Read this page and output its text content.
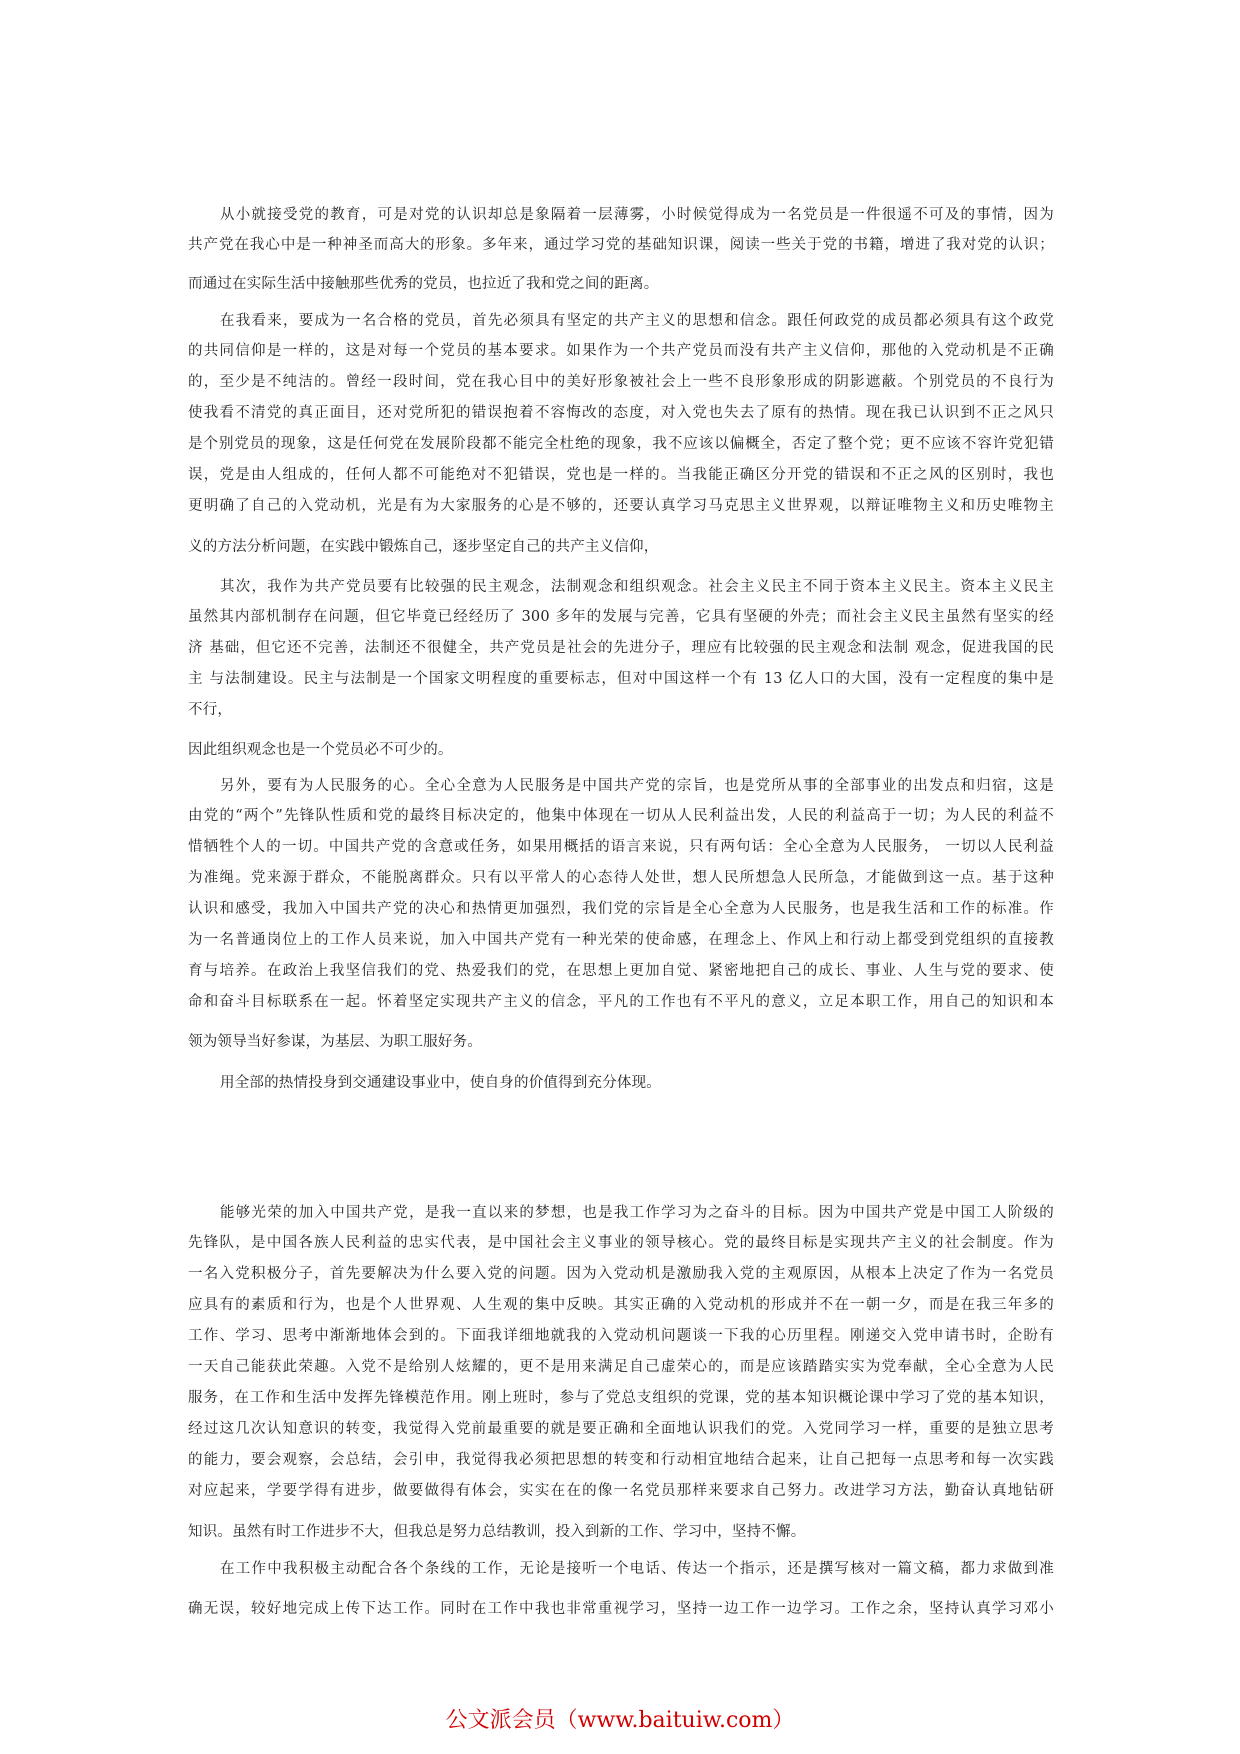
从小就接受党的教育，可是对党的认识却总是象隔着一层薄雾，小时候觉得成为一名党员是一件很遥不可及的事情，因为
共产党在我心中是一种神圣而高大的形象。多年来，通过学习党的基础知识课，阅读一些关于党的书籍，增进了我对党的认识；
而通过在实际生活中接触那些优秀的党员，也拉近了我和党之间的距离。
在我看来，要成为一名合格的党员，首先必须具有坚定的共产主义的思想和信念。跟任何政党的成员都必须具有这个政党
的共同信仰是一样的，这是对每一个党员的基本要求。如果作为一个共产党员而没有共产主义信仰，那他的入党动机是不正确
的，至少是不纯洁的。曾经一段时间，党在我心目中的美好形象被社会上一些不良形象形成的阴影遮蔽。个别党员的不良行为
使我看不清党的真正面目，还对党所犯的错误抱着不容悔改的态度，对入党也失去了原有的热情。现在我已认识到不正之风只
是个别党员的现象，这是任何党在发展阶段都不能完全杜绝的现象，我不应该以偏概全，否定了整个党；更不应该不容许党犯错
误，党是由人组成的，任何人都不可能绝对不犯错误，党也是一样的。当我能正确区分开党的错误和不正之风的区别时，我也
更明确了自己的入党动机，光是有为大家服务的心是不够的，还要认真学习马克思主义世界观，以辩证唯物主义和历史唯物主
义的方法分析问题，在实践中锻炼自己，逐步坚定自己的共产主义信仰，
其次，我作为共产党员要有比较强的民主观念，法制观念和组织观念。社会主义民主不同于资本主义民主。资本主义民主
虽然其内部机制存在问题，但它毕竟已经经历了 300 多年的发展与完善，它具有坚硬的外壳；而社会主义民主虽然有坚实的经
济 基础，但它还不完善，法制还不很健全，共产党员是社会的先进分子，理应有比较强的民主观念和法制 观念，促进我国的民
主 与法制建设。民主与法制是一个国家文明程度的重要标志，但对中国这样一个有 13 亿人口的大国，没有一定程度的集中是
不行，
因此组织观念也是一个党员必不可少的。
另外，要有为人民服务的心。全心全意为人民服务是中国共产党的宗旨，也是党所从事的全部事业的出发点和归宿，这是
由党的“两个”先锋队性质和党的最终目标决定的，他集中体现在一切从人民利益出发，人民的利益高于一切；为人民的利益不
惜牺牲个人的一切。中国共产党的含意或任务，如果用概括的语言来说，只有两句话：全心全意为人民服务， 一切以人民利益
为准绳。党来源于群众，不能脱离群众。只有以平常人的心态待人处世，想人民所想急人民所急，才能做到这一点。基于这种
认识和感受，我加入中国共产党的决心和热情更加强烈，我们党的宗旨是全心全意为人民服务，也是我生活和工作的标准。作
为一名普通岗位上的工作人员来说，加入中国共产党有一种光荣的使命感，在理念上、作风上和行动上都受到党组织的直接教
育与培养。在政治上我坚信我们的党、热爱我们的党，在思想上更加自觉、紧密地把自己的成长、事业、人生与党的要求、使
命和奋斗目标联系在一起。怀着坚定实现共产主义的信念，平凡的工作也有不平凡的意义，立足本职工作，用自己的知识和本
领为领导当好参谋，为基层、为职工服好务。
用全部的热情投身到交通建设事业中，使自身的价值得到充分体现。
能够光荣的加入中国共产党，是我一直以来的梦想，也是我工作学习为之奋斗的目标。因为中国共产党是中国工人阶级的
先锋队，是中国各族人民利益的忠实代表，是中国社会主义事业的领导核心。党的最终目标是实现共产主义的社会制度。作为
一名入党积极分子，首先要解决为什么要入党的问题。因为入党动机是激励我入党的主观原因，从根本上决定了作为一名党员
应具有的素质和行为，也是个人世界观、人生观的集中反映。其实正确的入党动机的形成并不在一朝一夕，而是在我三年多的
工作、学习、思考中渐渐地体会到的。下面我详细地就我的入党动机问题谈一下我的心历里程。刚递交入党申请书时，企盼有
一天自己能获此荣趣。入党不是给别人炫耀的，更不是用来满足自己虚荣心的，而是应该踏踏实实为党奉献，全心全意为人民
服务，在工作和生活中发挥先锋模范作用。刚上班时，参与了党总支组织的党课，党的基本知识概论课中学习了党的基本知识，
经过这几次认知意识的转变，我觉得入党前最重要的就是要正确和全面地认识我们的党。入党同学习一样，重要的是独立思考
的能力，要会观察，会总结，会引申，我觉得我必须把思想的转变和行动相宜地结合起来，让自己把每一点思考和每一次实践
对应起来，学要学得有进步，做要做得有体会，实实在在的像一名党员那样来要求自己努力。改进学习方法，勤奋认真地钻研
知识。虽然有时工作进步不大，但我总是努力总结教训，投入到新的工作、学习中，坚持不懈。
在工作中我积极主动配合各个条线的工作，无论是接听一个电话、传达一个指示，还是撰写核对一篇文稿，都力求做到准
确无误，较好地完成上传下达工作。同时在工作中我也非常重视学习，坚持一边工作一边学习。工作之余，坚持认真学习邓小
公文派会员（www.baituiw.com）
